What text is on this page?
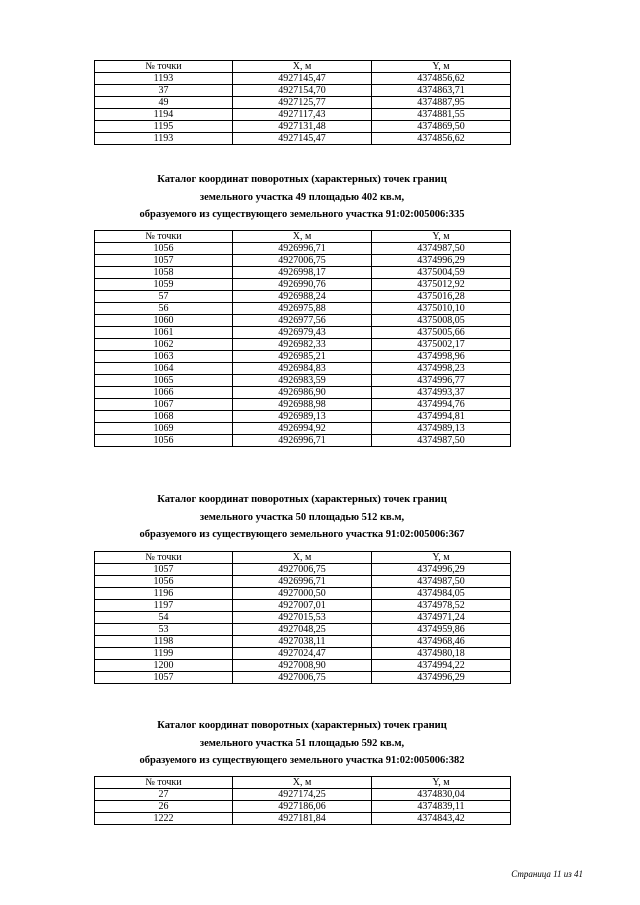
№ точки	X, м	Y, м
1193	4927145,47	4374856,62
37	4927154,70	4374863,71
49	4927125,77	4374887,95
1194	4927117,43	4374881,55
1195	4927131,48	4374869,50
1193	4927145,47	4374856,62
Каталог координат поворотных (характерных) точек границ
земельного участка 49 площадью 402 кв.м,
образуемого из существующего земельного участка 91:02:005006:335
№ точки	X, м	Y, м
1056	4926996,71	4374987,50
1057	4927006,75	4374996,29
1058	4926998,17	4375004,59
1059	4926990,76	4375012,92
57	4926988,24	4375016,28
56	4926975,88	4375010,10
1060	4926977,56	4375008,05
1061	4926979,43	4375005,66
1062	4926982,33	4375002,17
1063	4926985,21	4374998,96
1064	4926984,83	4374998,23
1065	4926983,59	4374996,77
1066	4926986,90	4374993,37
1067	4926988,98	4374994,76
1068	4926989,13	4374994,81
1069	4926994,92	4374989,13
1056	4926996,71	4374987,50
Каталог координат поворотных (характерных) точек границ
земельного участка 50 площадью 512 кв.м,
образуемого из существующего земельного участка 91:02:005006:367
№ точки	X, м	Y, м
1057	4927006,75	4374996,29
1056	4926996,71	4374987,50
1196	4927000,50	4374984,05
1197	4927007,01	4374978,52
54	4927015,53	4374971,24
53	4927048,25	4374959,86
1198	4927038,11	4374968,46
1199	4927024,47	4374980,18
1200	4927008,90	4374994,22
1057	4927006,75	4374996,29
Каталог координат поворотных (характерных) точек границ
земельного участка 51 площадью 592 кв.м,
образуемого из существующего земельного участка 91:02:005006:382
№ точки	X, м	Y, м
27	4927174,25	4374830,04
26	4927186,06	4374839,11
1222	4927181,84	4374843,42
Страница 11 из 41
